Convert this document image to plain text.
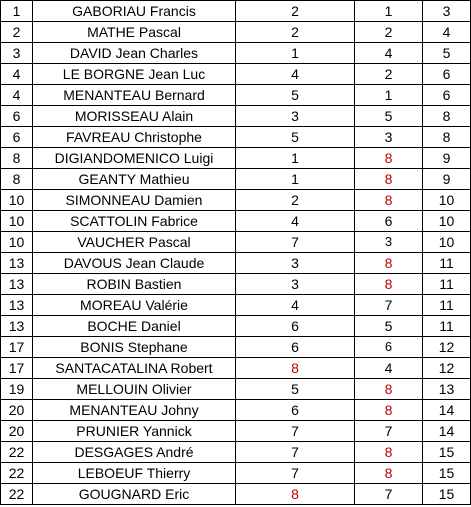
1	GABORIAU Francis	2	1	3
2	MATHE Pascal	2	2	4
3	DAVID Jean Charles	1	4	5
4	LE BORGNE Jean Luc	4	2	6
4	MENANTEAU Bernard	5	1	6
6	MORISSEAU Alain	3	5	8
6	FAVREAU Christophe	5	3	8
8	DIGIANDOMENICO Luigi	1	8	9
8	GEANTY Mathieu	1	8	9
10	SIMONNEAU Damien	2	8	10
10	SCATTOLIN Fabrice	4	6	10
10	VAUCHER Pascal	7	3	10
13	DAVOUS Jean Claude	3	8	11
13	ROBIN Bastien	3	8	11
13	MOREAU Valérie	4	7	11
13	BOCHE Daniel	6	5	11
17	BONIS Stephane	6	6	12
17	SANTACATALINA Robert	8	4	12
19	MELLOUIN Olivier	5	8	13
20	MENANTEAU Johny	6	8	14
20	PRUNIER Yannick	7	7	14
22	DESGAGES André	7	8	15
22	LEBOEUF Thierry	7	8	15
22	GOUGNARD Eric	8	7	15
